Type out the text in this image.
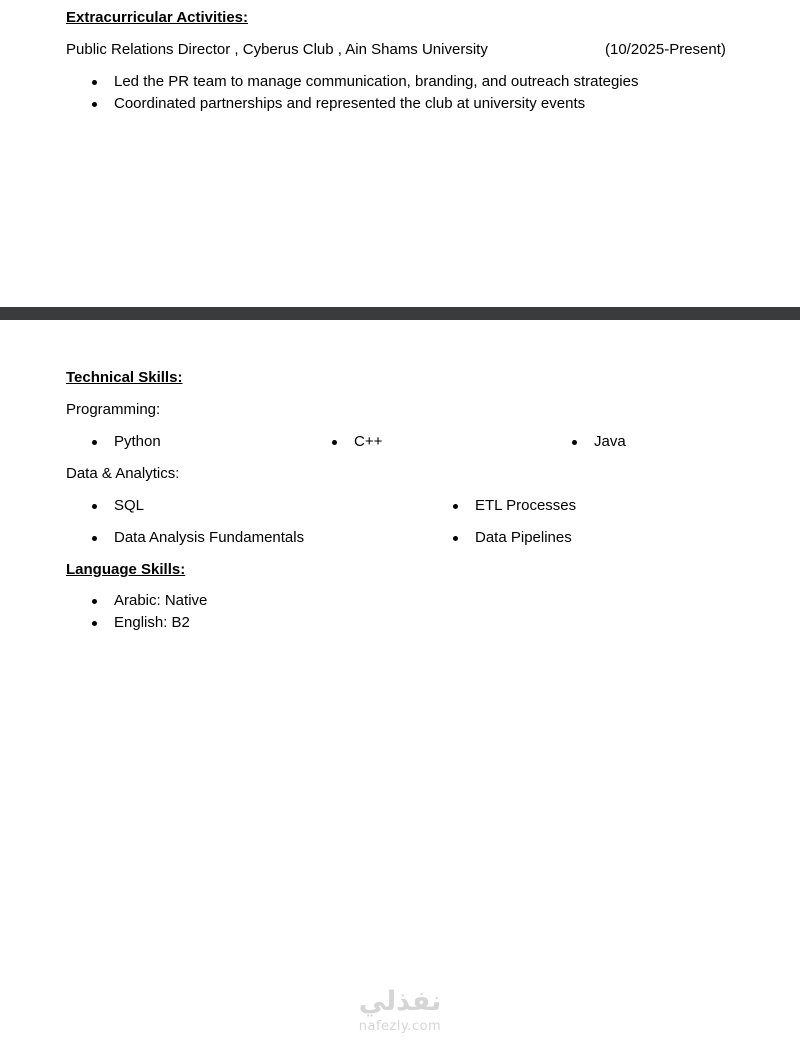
Extracurricular Activities:
Public Relations Director , Cyberus Club , Ain Shams University	(10/2025-Present)
Led the PR team to manage communication, branding, and outreach strategies
Coordinated partnerships and represented the club at university events
Technical Skills:
Programming:
Python	C++	Java
Data & Analytics:
SQL	ETL Processes
Data Analysis Fundamentals	Data Pipelines
Language Skills:
Arabic: Native
English: B2
نفذلي
nafezly.com
